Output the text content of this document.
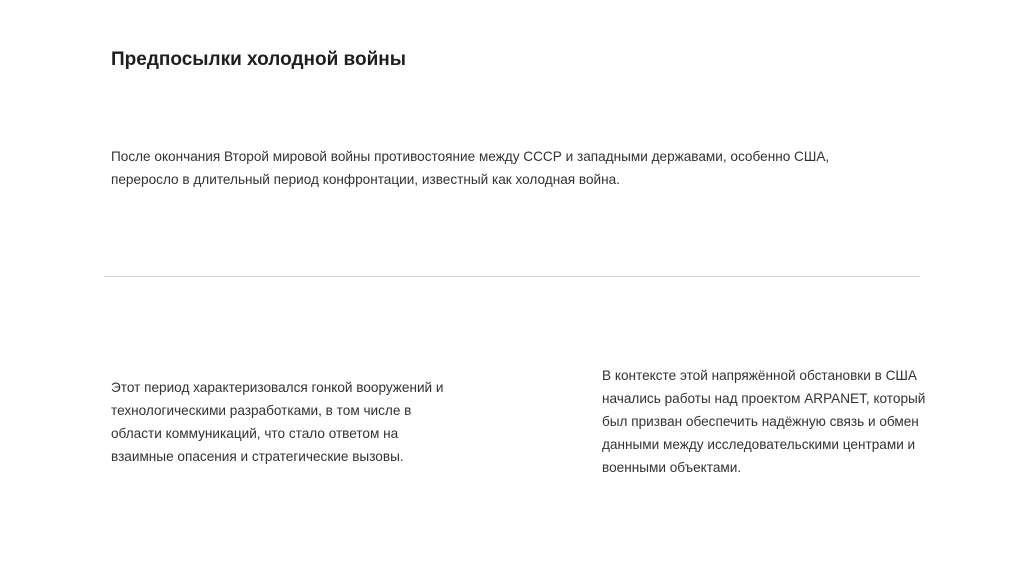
Предпосылки холодной войны

После окончания Второй мировой войны противостояние между СССР и западными державами, особенно США, переросло в длительный период конфронтации, известный как холодная война.

Этот период характеризовался гонкой вооружений и технологическими разработками, в том числе в области коммуникаций, что стало ответом на взаимные опасения и стратегические вызовы.

В контексте этой напряжённой обстановки в США начались работы над проектом ARPANET, который был призван обеспечить надёжную связь и обмен данными между исследовательскими центрами и военными объектами.
